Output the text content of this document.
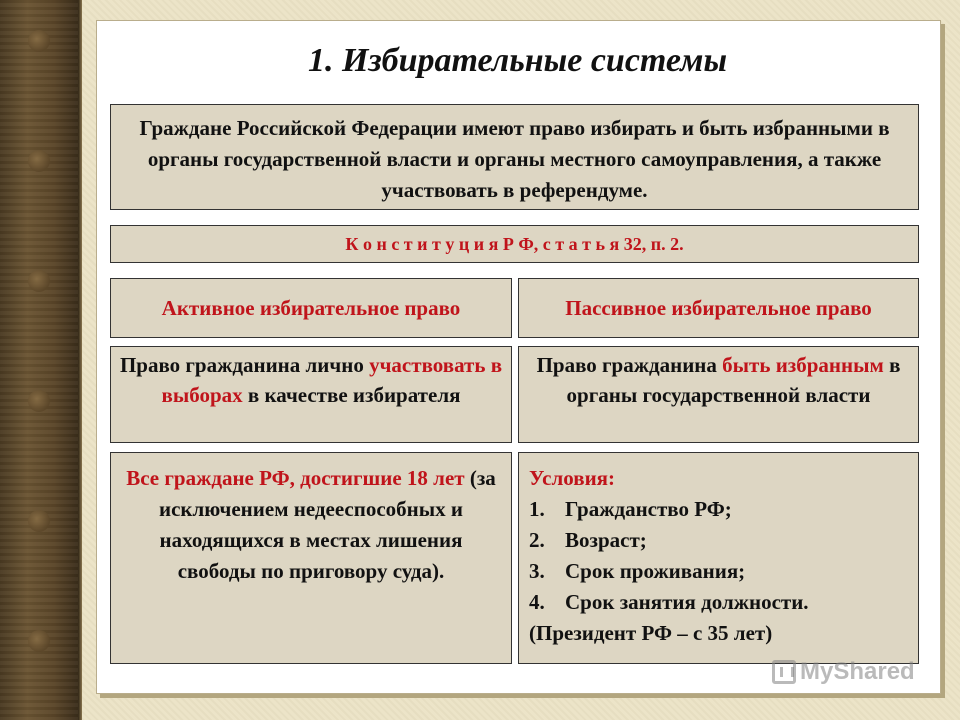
1. Избирательные системы
Граждане Российской Федерации имеют право избирать и быть избранными в органы государственной власти и органы местного самоуправления, а также участвовать в референдуме.
К о н с т и т у ц и я Р Ф, с т а т ь я 32, п. 2.
Активное избирательное право	Пассивное избирательное право
Право гражданина лично участвовать в выборах в качестве избирателя
Право гражданина быть избранным в органы государственной власти
Все граждане РФ, достигшие 18 лет (за исключением недееспособных и находящихся в местах лишения свободы по приговору суда).
Условия:
1. Гражданство РФ;
2. Возраст;
3. Срок проживания;
4. Срок занятия должности.
(Президент РФ – с 35 лет)
MyShared
